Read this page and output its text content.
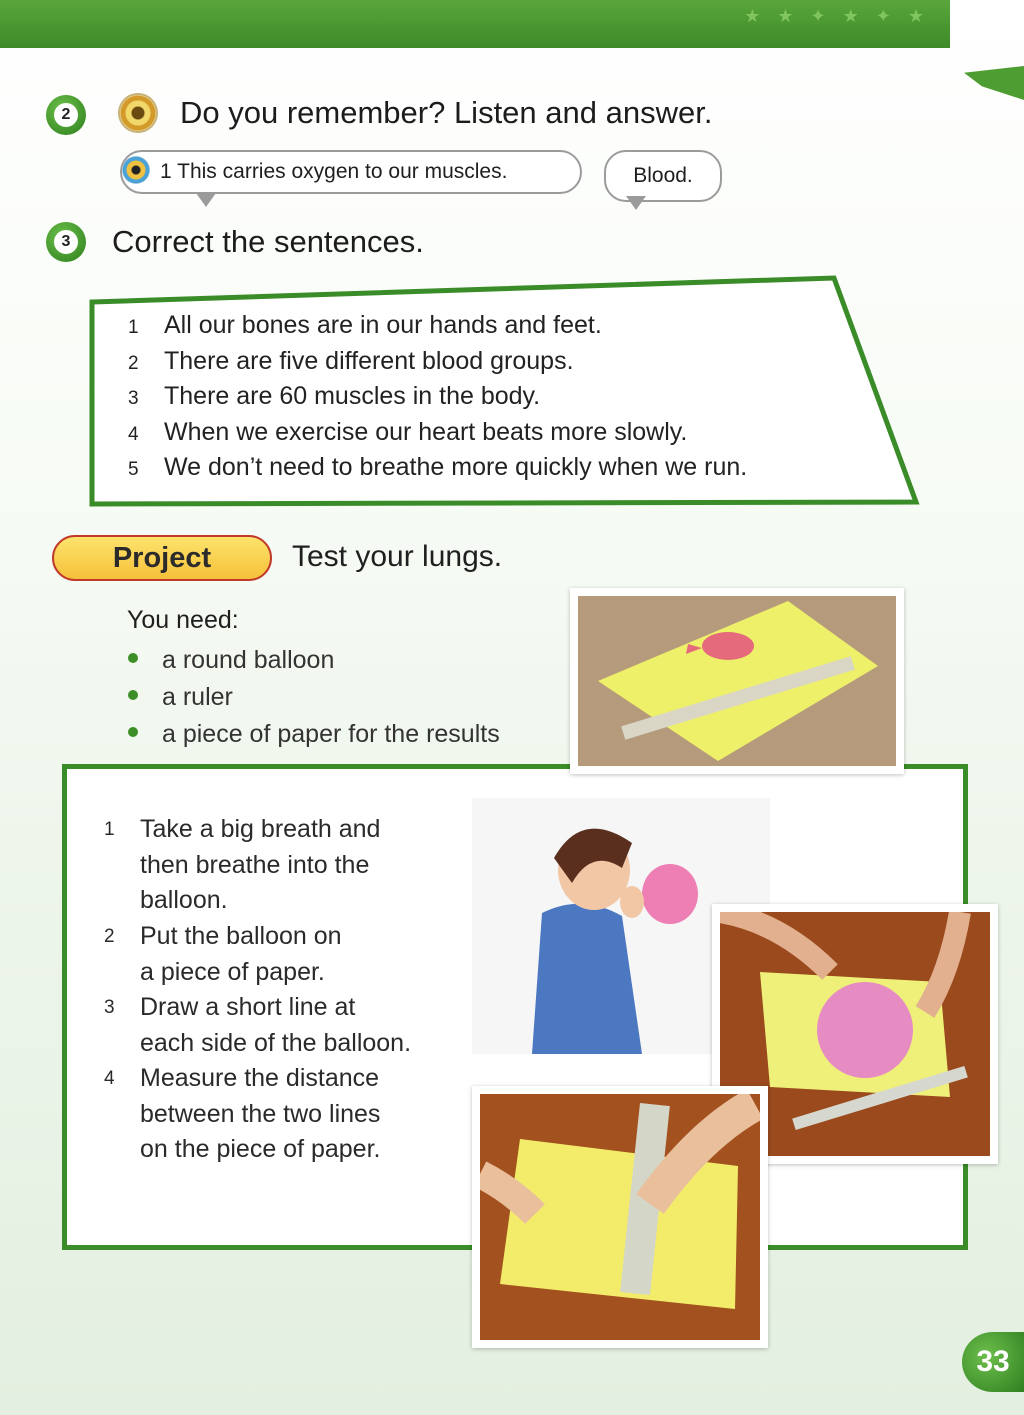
★ ★ ✦ ★ ✦ ★
2	Do you remember? Listen and answer.
1 This carries oxygen to our muscles.	Blood.
3 Correct the sentences.
1 All our bones are in our hands and feet.
2 There are five different blood groups.
3 There are 60 muscles in the body.
4 When we exercise our heart beats more slowly.
5 We don’t need to breathe more quickly when we run.
Project	Test your lungs.
You need:
a round balloon
a ruler
a piece of paper for the results
1	Take a big breath and
then breathe into the
balloon.
2	Put the balloon on
a piece of paper.
3	Draw a short line at
each side of the balloon.
4	Measure the distance
between the two lines
on the piece of paper.
33
